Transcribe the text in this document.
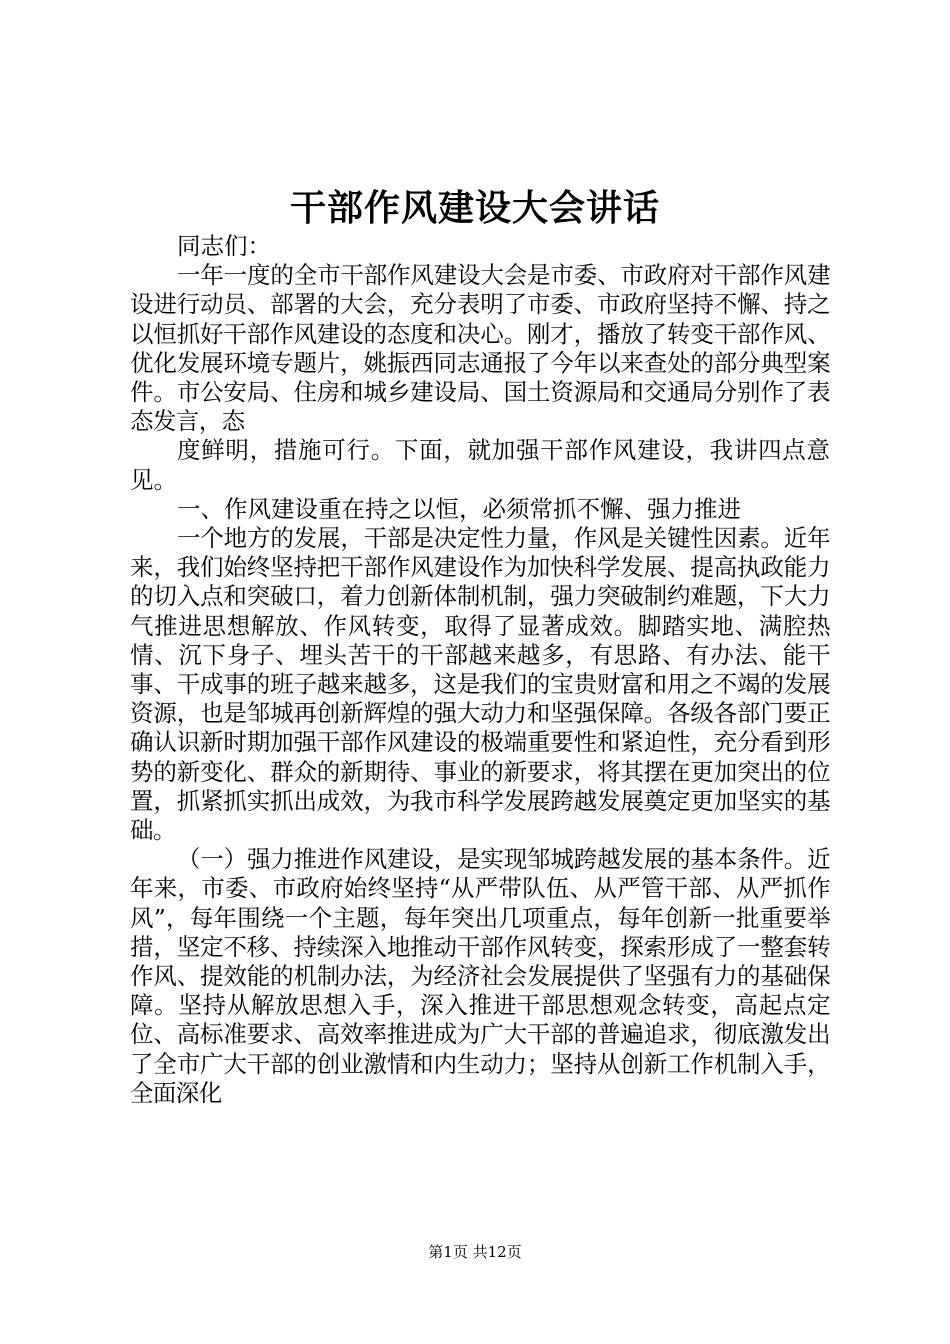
干部作风建设大会讲话

同志们：

一年一度的全市干部作风建设大会是市委、市政府对干部作风建设进行动员、部署的大会，充分表明了市委、市政府坚持不懈、持之以恒抓好干部作风建设的态度和决心。刚才，播放了转变干部作风、优化发展环境专题片，姚振西同志通报了今年以来查处的部分典型案件。市公安局、住房和城乡建设局、国土资源局和交通局分别作了表态发言，态

度鲜明，措施可行。下面，就加强干部作风建设，我讲四点意见。

一、作风建设重在持之以恒，必须常抓不懈、强力推进

一个地方的发展，干部是决定性力量，作风是关键性因素。近年来，我们始终坚持把干部作风建设作为加快科学发展、提高执政能力的切入点和突破口，着力创新体制机制，强力突破制约难题，下大力气推进思想解放、作风转变，取得了显著成效。脚踏实地、满腔热情、沉下身子、埋头苦干的干部越来越多，有思路、有办法、能干事、干成事的班子越来越多，这是我们的宝贵财富和用之不竭的发展资源，也是邹城再创新辉煌的强大动力和坚强保障。各级各部门要正确认识新时期加强干部作风建设的极端重要性和紧迫性，充分看到形势的新变化、群众的新期待、事业的新要求，将其摆在更加突出的位置，抓紧抓实抓出成效，为我市科学发展跨越发展奠定更加坚实的基础。

（一）强力推进作风建设，是实现邹城跨越发展的基本条件。近年来，市委、市政府始终坚持“从严带队伍、从严管干部、从严抓作风”，每年围绕一个主题，每年突出几项重点，每年创新一批重要举措，坚定不移、持续深入地推动干部作风转变，探索形成了一整套转作风、提效能的机制办法，为经济社会发展提供了坚强有力的基础保障。坚持从解放思想入手，深入推进干部思想观念转变，高起点定位、高标准要求、高效率推进成为广大干部的普遍追求，彻底激发出了全市广大干部的创业激情和内生动力；坚持从创新工作机制入手，全面深化

第1页 共12页
